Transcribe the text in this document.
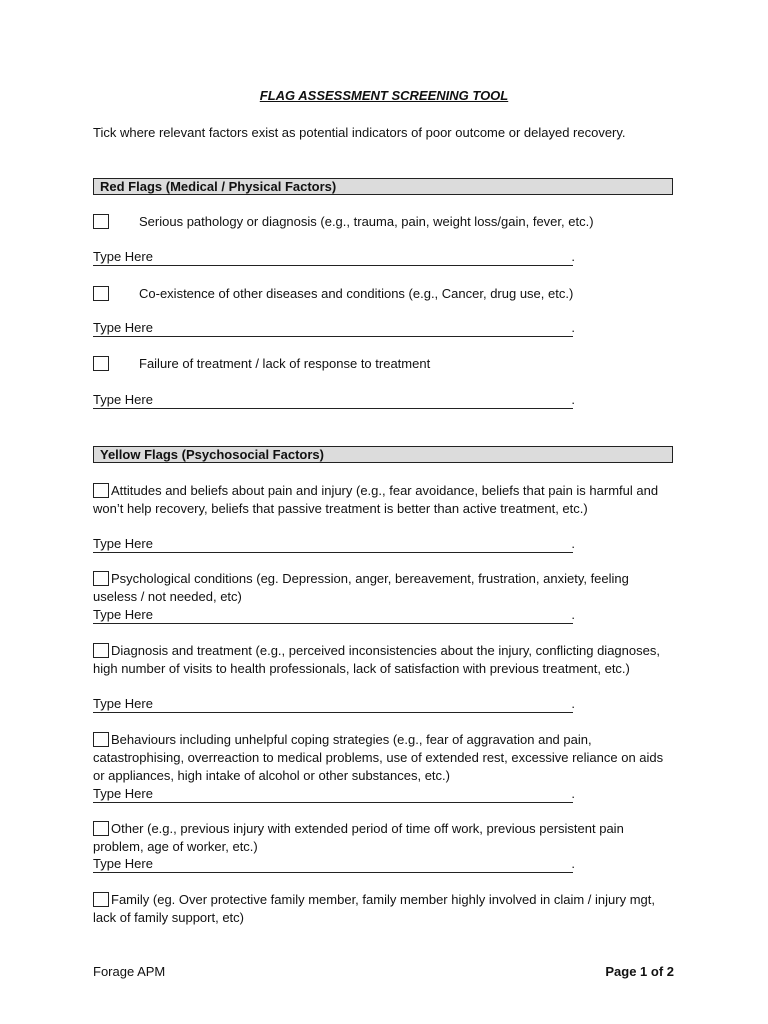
FLAG ASSESSMENT SCREENING TOOL
Tick where relevant factors exist as potential indicators of poor outcome or delayed recovery.
Red Flags (Medical / Physical Factors)
Serious pathology or diagnosis (e.g., trauma, pain, weight loss/gain, fever, etc.)
Type Here	.
Co-existence of other diseases and conditions (e.g., Cancer, drug use, etc.)
Type Here	.
Failure of treatment / lack of response to treatment
Type Here	.
Yellow Flags (Psychosocial Factors)
Attitudes and beliefs about pain and injury (e.g., fear avoidance, beliefs that pain is harmful and won’t help recovery, beliefs that passive treatment is better than active treatment, etc.)
Type Here	.
Psychological conditions (eg. Depression, anger, bereavement, frustration, anxiety, feeling useless / not needed, etc)
Type Here	.
Diagnosis and treatment (e.g., perceived inconsistencies about the injury, conflicting diagnoses, high number of visits to health professionals, lack of satisfaction with previous treatment, etc.)
Type Here	.
Behaviours including unhelpful coping strategies (e.g., fear of aggravation and pain, catastrophising, overreaction to medical problems, use of extended rest, excessive reliance on aids or appliances, high intake of alcohol or other substances, etc.)
Type Here	.
Other (e.g., previous injury with extended period of time off work, previous persistent pain problem, age of worker, etc.)
Type Here	.
Family (eg. Over protective family member, family member highly involved in claim / injury mgt, lack of family support, etc)
Forage APM	Page 1 of 2
